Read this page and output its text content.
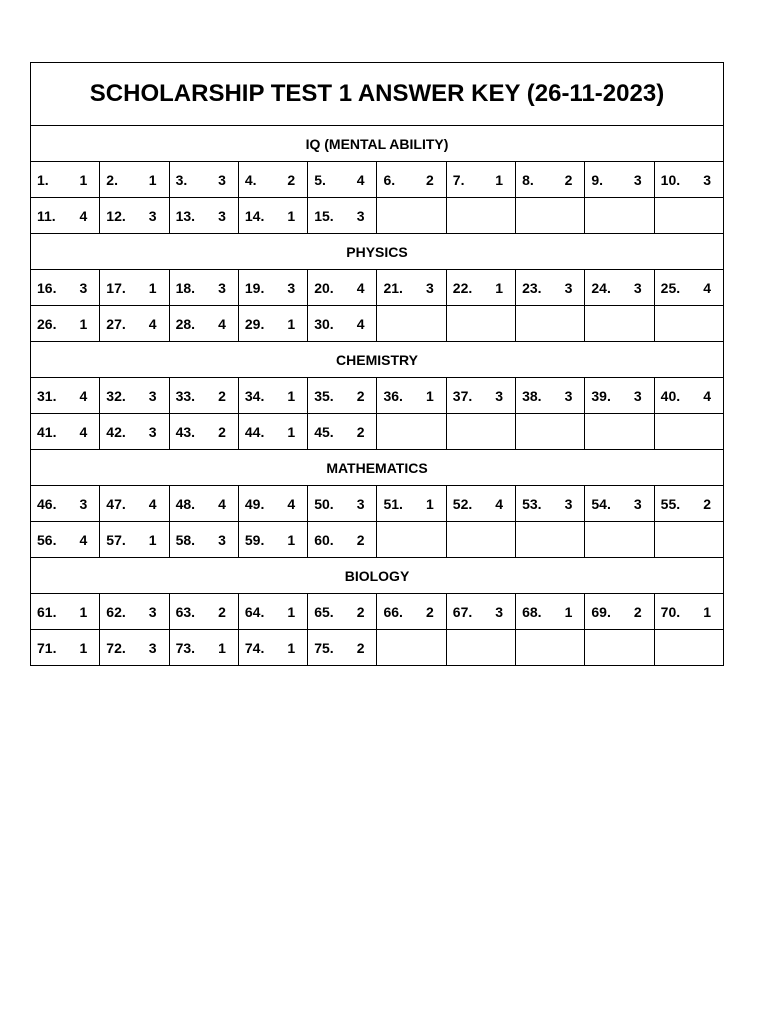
SCHOLARSHIP TEST 1 ANSWER KEY (26-11-2023)									
IQ (MENTAL ABILITY)									

1. 1	2. 1	3. 3	4. 2	5. 4	6. 2	7. 1	8. 2	9. 3	10. 3

11. 4	12. 3	13. 3	14. 1	15. 3					

PHYSICS									

16. 3	17. 1	18. 3	19. 3	20. 4	21. 3	22. 1	23. 3	24. 3	25. 4

26. 1	27. 4	28. 4	29. 1	30. 4					

CHEMISTRY									

31. 4	32. 3	33. 2	34. 1	35. 2	36. 1	37. 3	38. 3	39. 3	40. 4

41. 4	42. 3	43. 2	44. 1	45. 2					

MATHEMATICS									

46. 3	47. 4	48. 4	49. 4	50. 3	51. 1	52. 4	53. 3	54. 3	55. 2

56. 4	57. 1	58. 3	59. 1	60. 2					

BIOLOGY									

61. 1	62. 3	63. 2	64. 1	65. 2	66. 2	67. 3	68. 1	69. 2	70. 1

71. 1	72. 3	73. 1	74. 1	75. 2					
